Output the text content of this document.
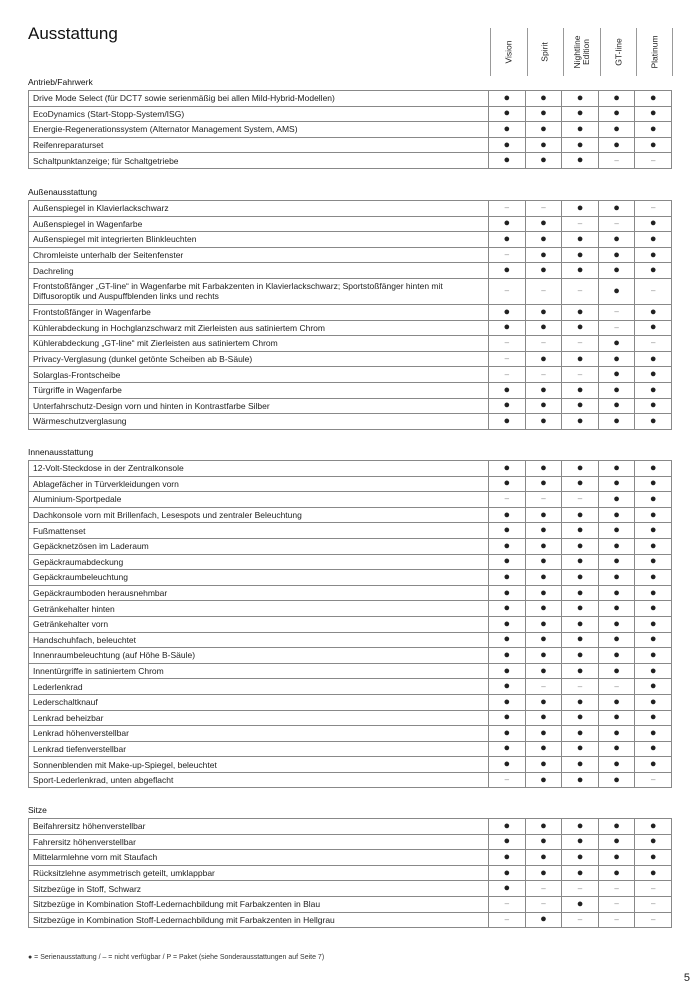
Ausstattung
Vision	Spirit	Nightline Edition	GT-line	Platinum
Antrieb/Fahrwerk
Drive Mode Select (für DCT7 sowie serienmäßig bei allen Mild-Hybrid-Modellen)	●	●	●	●	●
EcoDynamics (Start-Stopp-System/ISG)	●	●	●	●	●
Energie-Regenerationssystem (Alternator Management System, AMS)	●	●	●	●	●
Reifenreparaturset	●	●	●	●	●
Schaltpunktanzeige; für Schaltgetriebe	●	●	●	–	–
Außenausstattung
Außenspiegel in Klavierlackschwarz	–	–	●	●	–
Außenspiegel in Wagenfarbe	●	●	–	–	●
Außenspiegel mit integrierten Blinkleuchten	●	●	●	●	●
Chromleiste unterhalb der Seitenfenster	–	●	●	●	●
Dachreling	●	●	●	●	●
Frontstoßfänger „GT-line“ in Wagenfarbe mit Farbakzenten in Klavierlackschwarz; Sportstoßfänger hinten mit Diffusoroptik und Auspuffblenden links und rechts	–	–	–	●	–
Frontstoßfänger in Wagenfarbe	●	●	●	–	●
Kühlerabdeckung in Hochglanzschwarz mit Zierleisten aus satiniertem Chrom	●	●	●	–	●
Kühlerabdeckung „GT-line“ mit Zierleisten aus satiniertem Chrom	–	–	–	●	–
Privacy-Verglasung (dunkel getönte Scheiben ab B-Säule)	–	●	●	●	●
Solarglas-Frontscheibe	–	–	–	●	●
Türgriffe in Wagenfarbe	●	●	●	●	●
Unterfahrschutz-Design vorn und hinten in Kontrastfarbe Silber	●	●	●	●	●
Wärmeschutzverglasung	●	●	●	●	●
Innenausstattung
12-Volt-Steckdose in der Zentralkonsole	●	●	●	●	●
Ablagefächer in Türverkleidungen vorn	●	●	●	●	●
Aluminium-Sportpedale	–	–	–	●	●
Dachkonsole vorn mit Brillenfach, Lesespots und zentraler Beleuchtung	●	●	●	●	●
Fußmattenset	●	●	●	●	●
Gepäcknetzösen im Laderaum	●	●	●	●	●
Gepäckraumabdeckung	●	●	●	●	●
Gepäckraumbeleuchtung	●	●	●	●	●
Gepäckraumboden herausnehmbar	●	●	●	●	●
Getränkehalter hinten	●	●	●	●	●
Getränkehalter vorn	●	●	●	●	●
Handschuhfach, beleuchtet	●	●	●	●	●
Innenraumbeleuchtung (auf Höhe B-Säule)	●	●	●	●	●
Innentürgriffe in satiniertem Chrom	●	●	●	●	●
Lederlenkrad	●	–	–	–	●
Lederschaltknauf	●	●	●	●	●
Lenkrad beheizbar	●	●	●	●	●
Lenkrad höhenverstellbar	●	●	●	●	●
Lenkrad tiefenverstellbar	●	●	●	●	●
Sonnenblenden mit Make-up-Spiegel, beleuchtet	●	●	●	●	●
Sport-Lederlenkrad, unten abgeflacht	–	●	●	●	–
Sitze
Beifahrersitz höhenverstellbar	●	●	●	●	●
Fahrersitz höhenverstellbar	●	●	●	●	●
Mittelarmlehne vorn mit Staufach	●	●	●	●	●
Rücksitzlehne asymmetrisch geteilt, umklappbar	●	●	●	●	●
Sitzbezüge in Stoff, Schwarz	●	–	–	–	–
Sitzbezüge in Kombination Stoff-Ledernachbildung mit Farbakzenten in Blau	–	–	●	–	–
Sitzbezüge in Kombination Stoff-Ledernachbildung mit Farbakzenten in Hellgrau	–	●	–	–	–
● = Serienausstattung / – = nicht verfügbar / P = Paket (siehe Sonderausstattungen auf Seite 7)
5
